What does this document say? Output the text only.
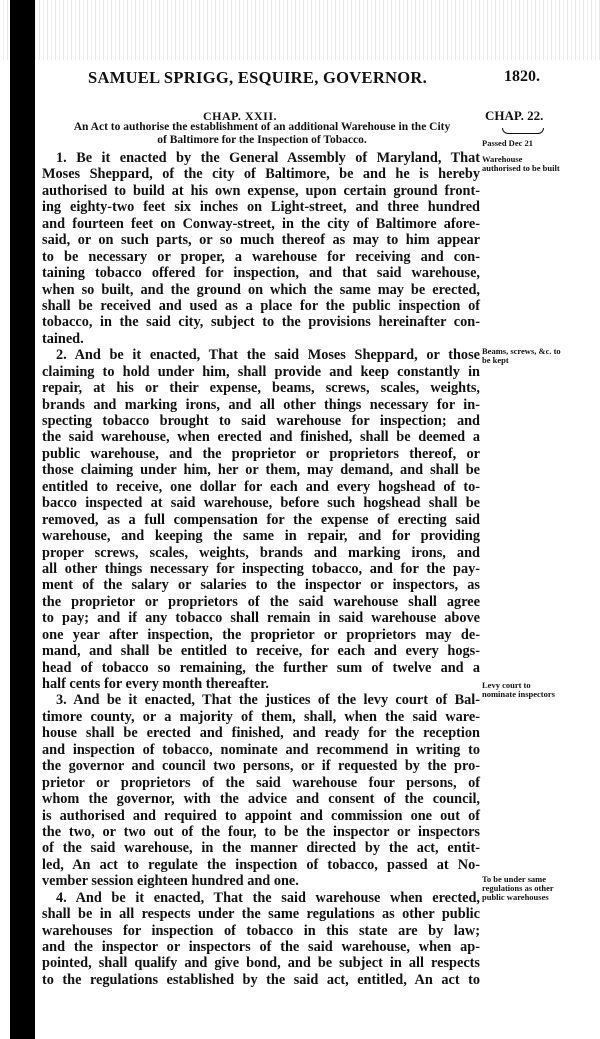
SAMUEL SPRIGG, ESQUIRE, GOVERNOR.	1820.
CHAP. XXII.
An Act to authorise the establishment of an additional Warehouse in the City
of Baltimore for the Inspection of Tobacco.
CHAP. 22.
Passed Dec 21
Warehouse authorised to be built
Beams, screws, &c. to be kept
Levy court to nominate inspectors
To be under same regulations as other public warehouses
1. Be it enacted by the General Assembly of Maryland, That
Moses Sheppard, of the city of Baltimore, be and he is hereby
authorised to build at his own expense, upon certain ground front-
ing eighty-two feet six inches on Light-street, and three hundred
and fourteen feet on Conway-street, in the city of Baltimore afore-
said, or on such parts, or so much thereof as may to him appear
to be necessary or proper, a warehouse for receiving and con-
taining tobacco offered for inspection, and that said warehouse,
when so built, and the ground on which the same may be erected,
shall be received and used as a place for the public inspection of
tobacco, in the said city, subject to the provisions hereinafter con-
tained.
2. And be it enacted, That the said Moses Sheppard, or those
claiming to hold under him, shall provide and keep constantly in
repair, at his or their expense, beams, screws, scales, weights,
brands and marking irons, and all other things necessary for in-
specting tobacco brought to said warehouse for inspection; and
the said warehouse, when erected and finished, shall be deemed a
public warehouse, and the proprietor or proprietors thereof, or
those claiming under him, her or them, may demand, and shall be
entitled to receive, one dollar for each and every hogshead of to-
bacco inspected at said warehouse, before such hogshead shall be
removed, as a full compensation for the expense of erecting said
warehouse, and keeping the same in repair, and for providing
proper screws, scales, weights, brands and marking irons, and
all other things necessary for inspecting tobacco, and for the pay-
ment of the salary or salaries to the inspector or inspectors, as
the proprietor or proprietors of the said warehouse shall agree
to pay; and if any tobacco shall remain in said warehouse above
one year after inspection, the proprietor or proprietors may de-
mand, and shall be entitled to receive, for each and every hogs-
head of tobacco so remaining, the further sum of twelve and a
half cents for every month thereafter.
3. And be it enacted, That the justices of the levy court of Bal-
timore county, or a majority of them, shall, when the said ware-
house shall be erected and finished, and ready for the reception
and inspection of tobacco, nominate and recommend in writing to
the governor and council two persons, or if requested by the pro-
prietor or proprietors of the said warehouse four persons, of
whom the governor, with the advice and consent of the council,
is authorised and required to appoint and commission one out of
the two, or two out of the four, to be the inspector or inspectors
of the said warehouse, in the manner directed by the act, entit-
led, An act to regulate the inspection of tobacco, passed at No-
vember session eighteen hundred and one.
4. And be it enacted, That the said warehouse when erected,
shall be in all respects under the same regulations as other public
warehouses for inspection of tobacco in this state are by law;
and the inspector or inspectors of the said warehouse, when ap-
pointed, shall qualify and give bond, and be subject in all respects
to the regulations established by the said act, entitled, An act to
